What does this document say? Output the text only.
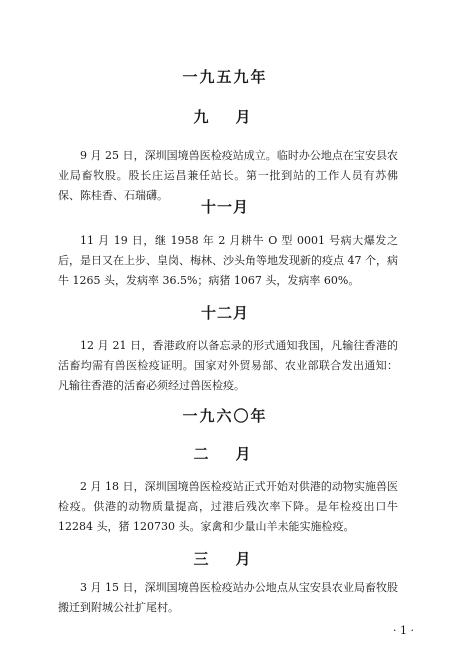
一九五九年
九　月

9 月 25 日，深圳国境兽医检疫站成立。临时办公地点在宝安县农业局畜牧股。股长庄运昌兼任站长。第一批到站的工作人员有苏佛保、陈桂香、石瑞礴。

十一月

11 月 19 日，继 1958 年 2 月耕牛 O 型 0001 号病大爆发之后，是日又在上步、皇岗、梅林、沙头角等地发现新的疫点 47 个，病牛 1265 头，发病率 36.5%；病猪 1067 头，发病率 60%。

十二月

12 月 21 日，香港政府以备忘录的形式通知我国，凡输往香港的活畜均需有兽医检疫证明。国家对外贸易部、农业部联合发出通知：凡输往香港的活畜必须经过兽医检疫。

一九六〇年
二　月

2 月 18 日，深圳国境兽医检疫站正式开始对供港的动物实施兽医检疫。供港的动物质量提高，过港后残次率下降。是年检疫出口牛 12284 头，猪 120730 头。家禽和少量山羊未能实施检疫。

三　月

3 月 15 日，深圳国境兽医检疫站办公地点从宝安县农业局畜牧股搬迁到附城公社扩尾村。

· 1 ·
